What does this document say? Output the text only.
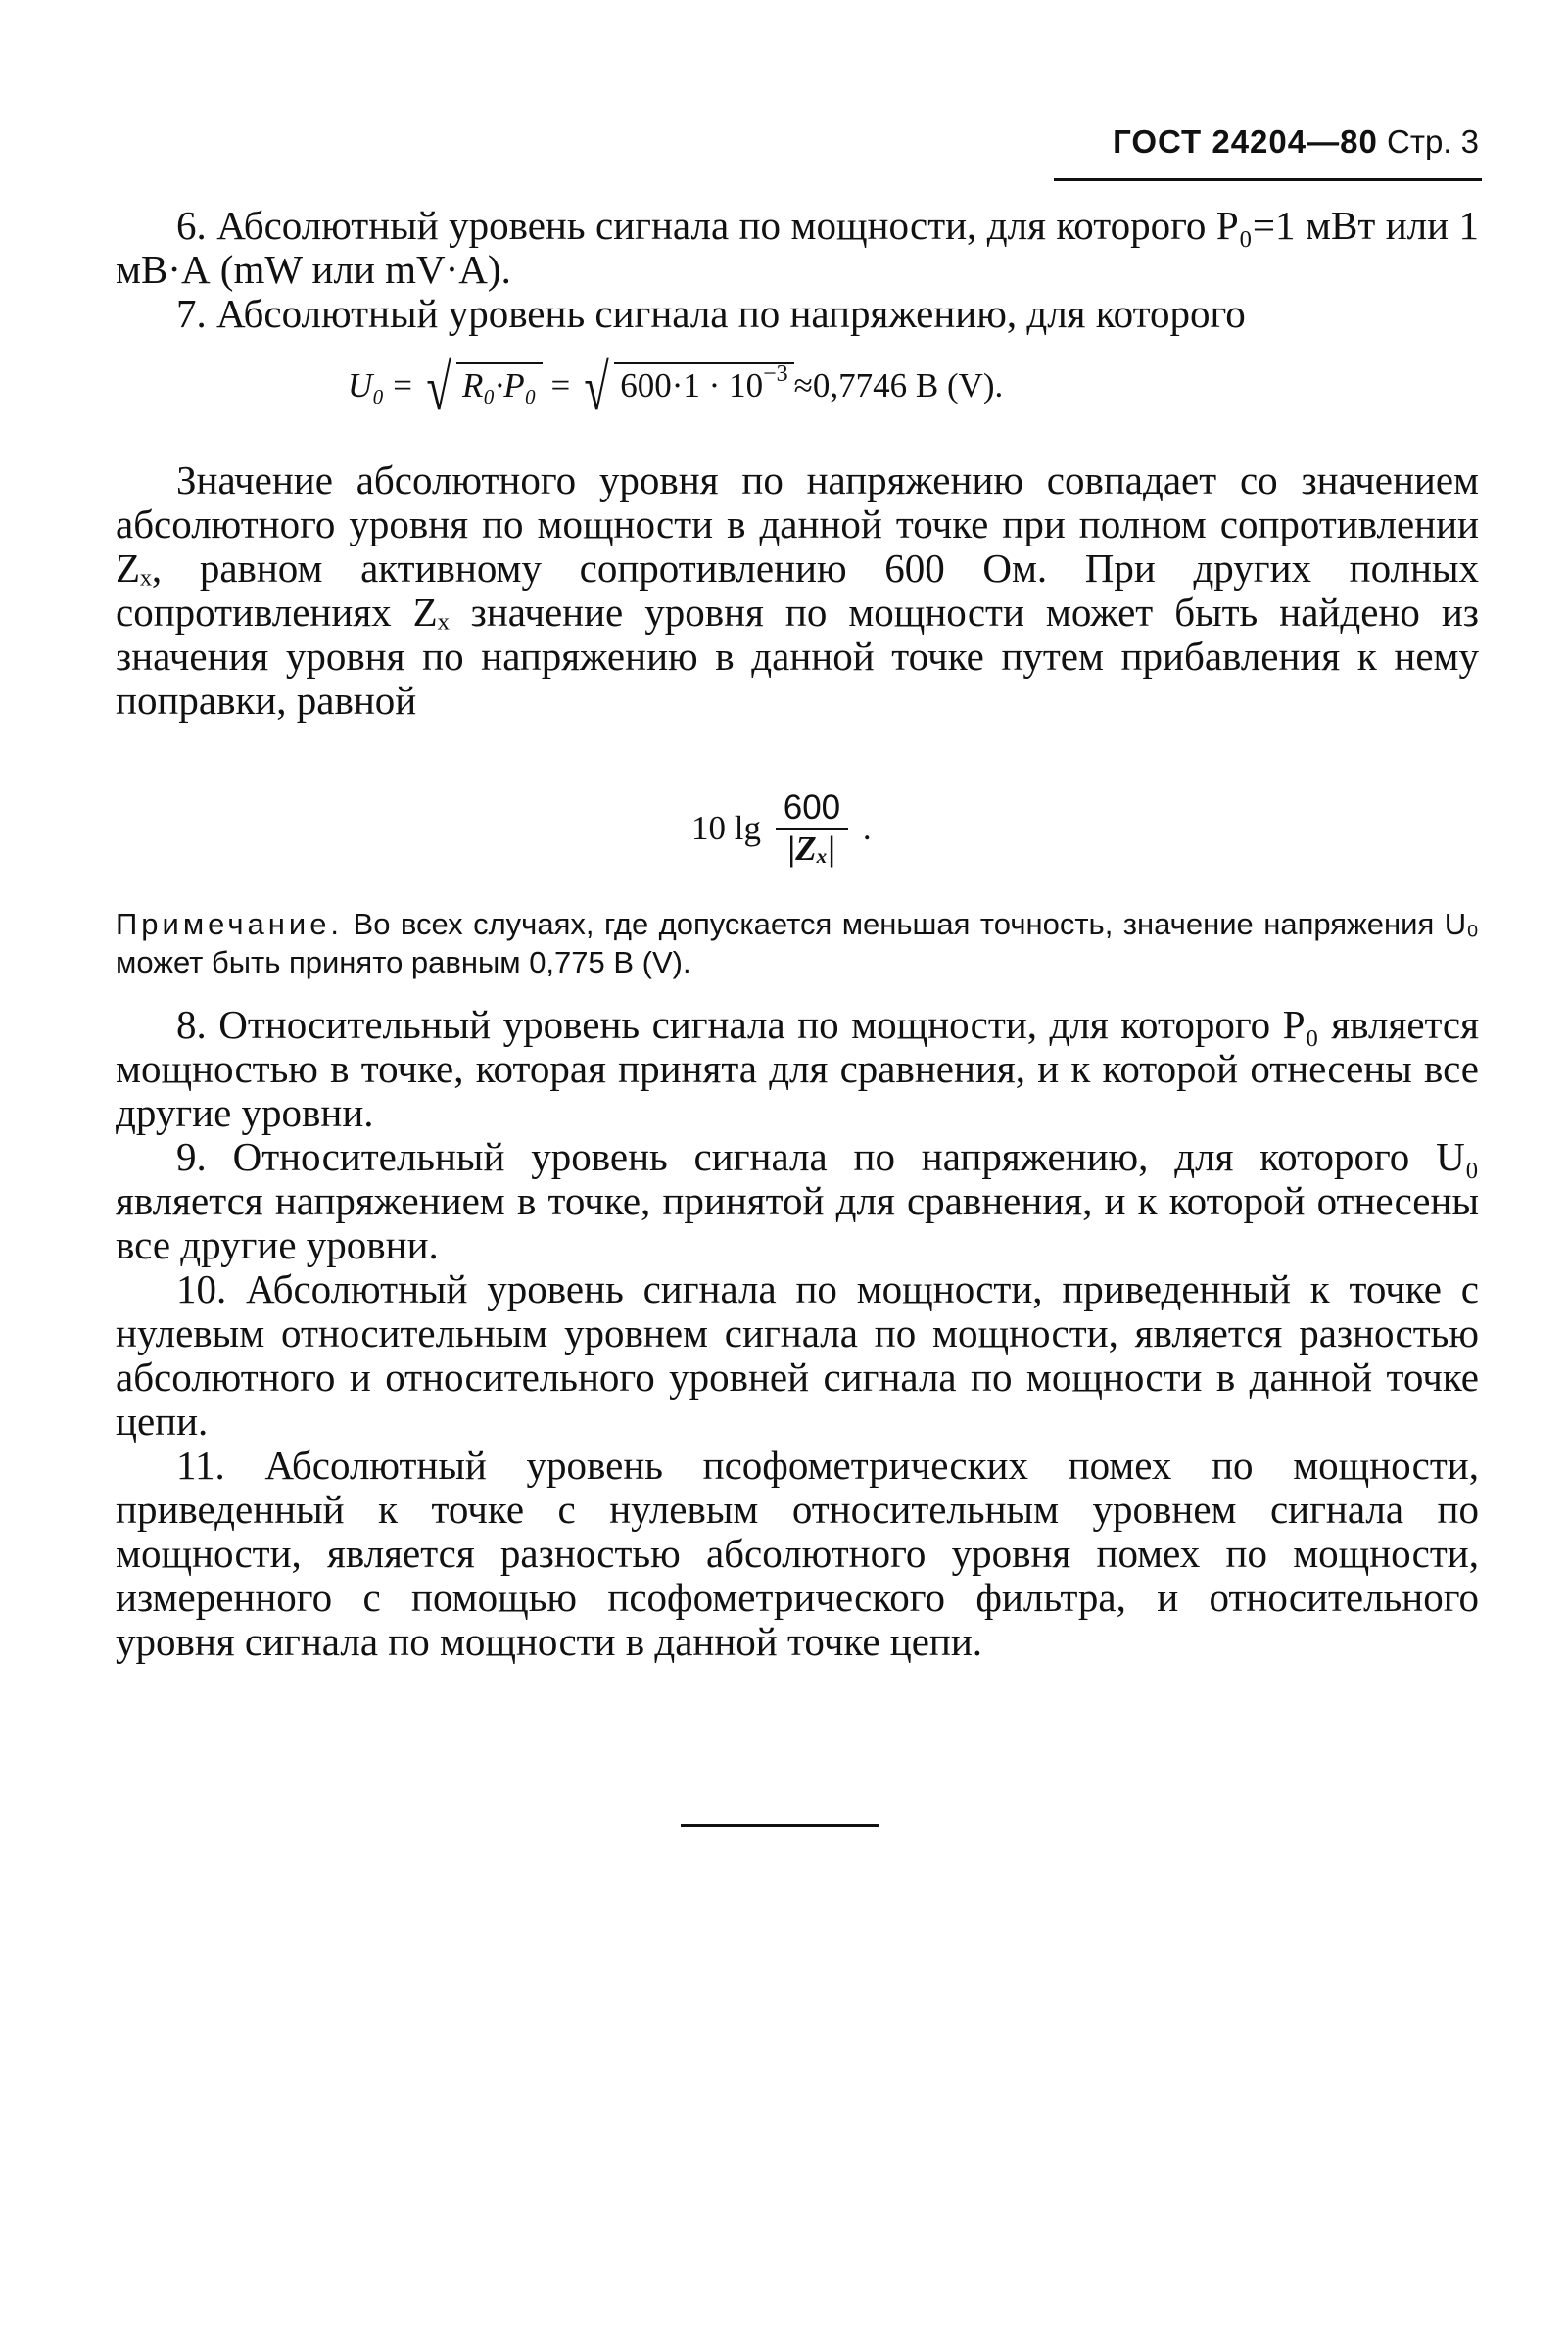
ГОСТ 24204—80 Стр. 3

6. Абсолютный уровень сигнала по мощности, для которого P₀=1 мВт или 1 мВ·А (mW или mV·А).

7. Абсолютный уровень сигнала по напряжению, для которого

U₀ = √ R₀·P₀ = √ $600\cdot 1 \cdot 10^{-3} \approx 0,7746$ В (V).

Значение абсолютного уровня по напряжению совпадает со значением абсолютного уровня по мощности в данной точке при полном сопротивлении Zₓ, равном активному сопротивлению 600 Ом. При других полных сопротивлениях Zₓ значение уровня по мощности может быть найдено из значения уровня по напряжению в данной точке путем прибавления к нему поправки, равной

10 $\lg \frac{600}{\text{|Zₓ|}}$ .
Примечание. Во всех случаях, где допускается меньшая точность, значение напряжения U₀ может быть принято равным 0,775 В (V).

8. Относительный уровень сигнала по мощности, для которого P₀ является мощностью в точке, которая принята для сравнения, и к которой отнесены все другие уровни.

9. Относительный уровень сигнала по напряжению, для которого U₀ является напряжением в точке, принятой для сравнения, и к которой отнесены все другие уровни.

10. Абсолютный уровень сигнала по мощности, приведенный к точке с нулевым относительным уровнем сигнала по мощности, является разностью абсолютного и относительного уровней сигнала по мощности в данной точке цепи.

11. Абсолютный уровень псофометрических помех по мощности, приведенный к точке с нулевым относительным уровнем сигнала по мощности, является разностью абсолютного уровня помех по мощности, измеренного с помощью псофометрического фильтра, и относительного уровня сигнала по мощности в данной точке цепи.
